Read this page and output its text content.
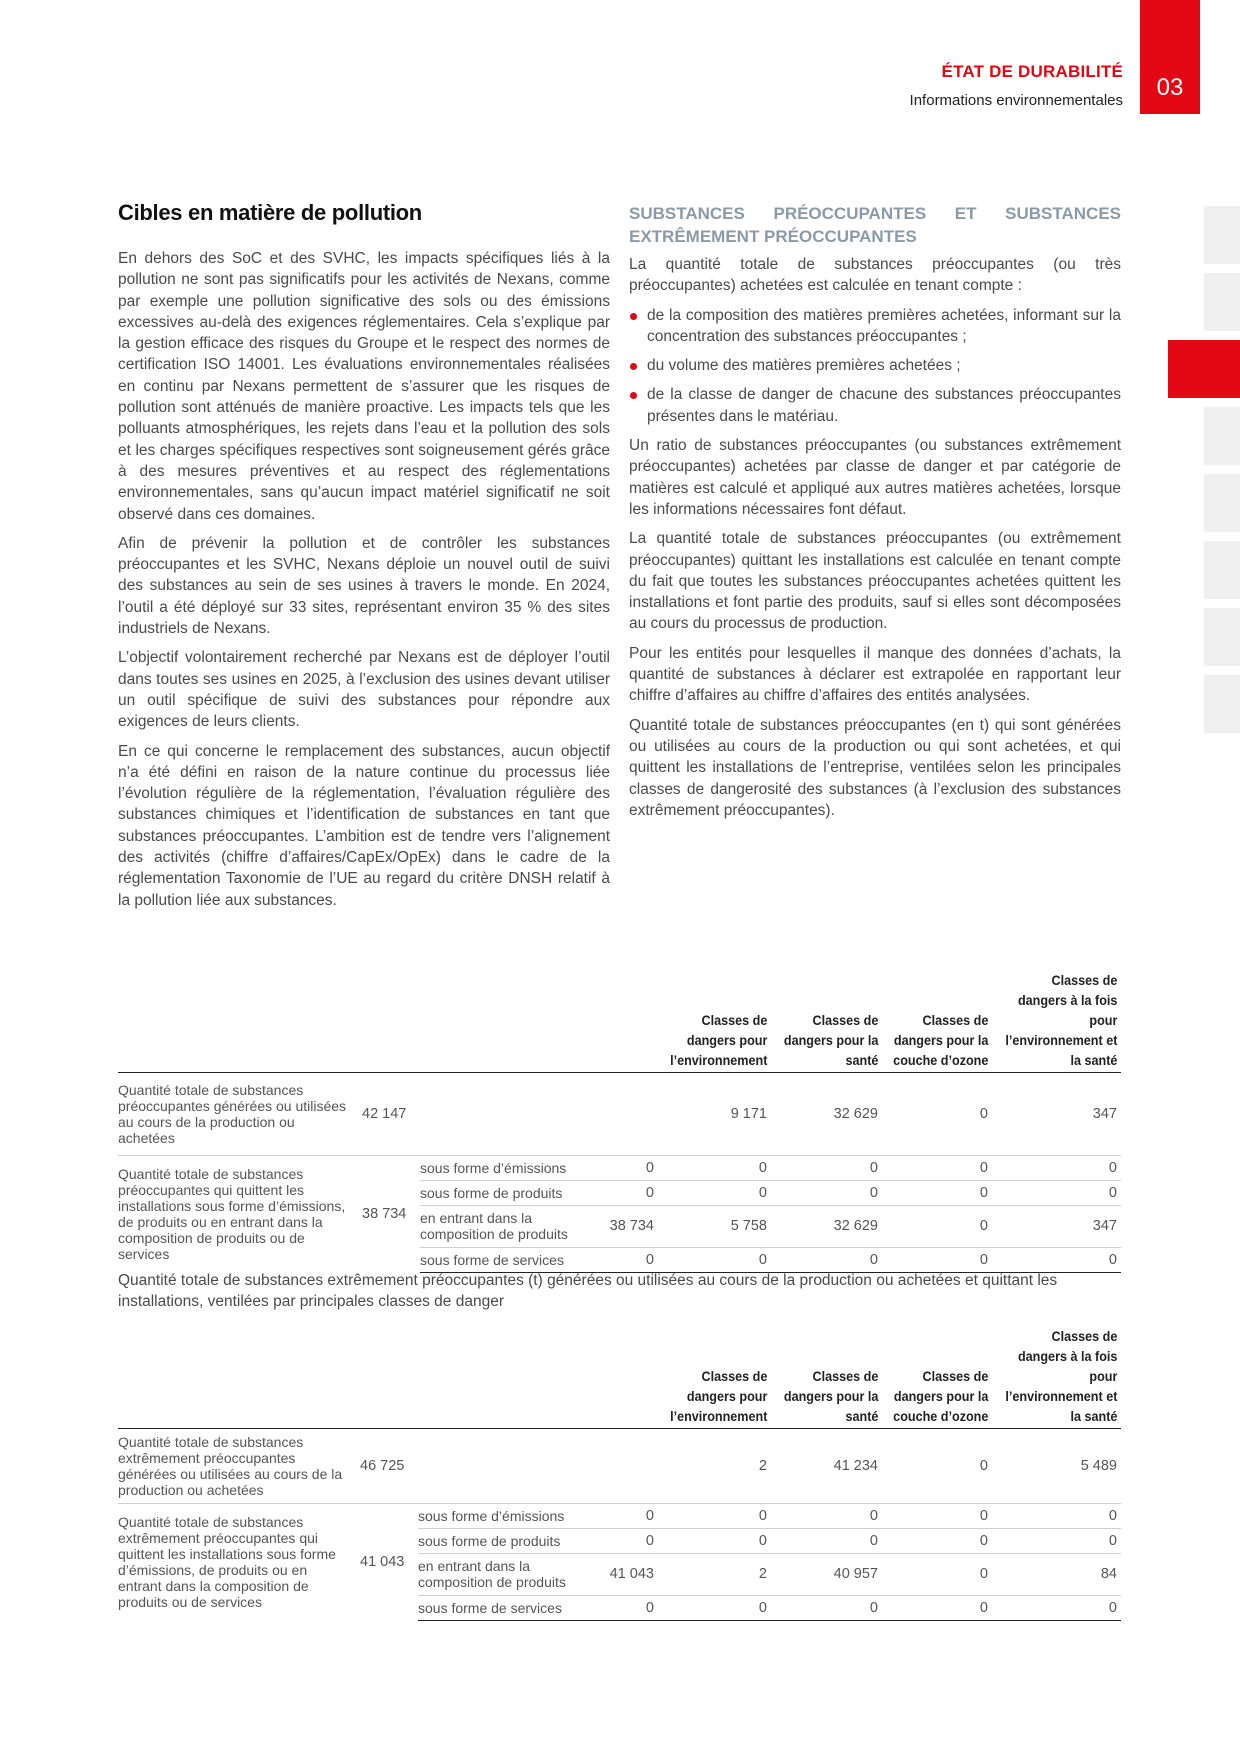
ÉTAT DE DURABILITÉ
Informations environnementales	03
Cibles en matière de pollution

En dehors des SoC et des SVHC, les impacts spécifiques liés à la pollution ne sont pas significatifs pour les activités de Nexans, comme par exemple une pollution significative des sols ou des émissions excessives au-delà des exigences réglementaires. Cela s’explique par la gestion efficace des risques du Groupe et le respect des normes de certification ISO 14001. Les évaluations environnementales réalisées en continu par Nexans permettent de s’assurer que les risques de pollution sont atténués de manière proactive. Les impacts tels que les polluants atmosphériques, les rejets dans l’eau et la pollution des sols et les charges spécifiques respectives sont soigneusement gérés grâce à des mesures préventives et au respect des réglementations environnementales, sans qu’aucun impact matériel significatif ne soit observé dans ces domaines.

Afin de prévenir la pollution et de contrôler les substances préoccupantes et les SVHC, Nexans déploie un nouvel outil de suivi des substances au sein de ses usines à travers le monde. En 2024, l’outil a été déployé sur 33 sites, représentant environ 35 % des sites industriels de Nexans.

L’objectif volontairement recherché par Nexans est de déployer l’outil dans toutes ses usines en 2025, à l’exclusion des usines devant utiliser un outil spécifique de suivi des substances pour répondre aux exigences de leurs clients.

En ce qui concerne le remplacement des substances, aucun objectif n’a été défini en raison de la nature continue du processus liée l’évolution régulière de la réglementation, l’évaluation régulière des substances chimiques et l’identification de substances en tant que substances préoccupantes. L’ambition est de tendre vers l’alignement des activités (chiffre d’affaires/CapEx/OpEx) dans le cadre de la réglementation Taxonomie de l’UE au regard du critère DNSH relatif à la pollution liée aux substances.

SUBSTANCES PRÉOCCUPANTES ET SUBSTANCES EXTRÊMEMENT PRÉOCCUPANTES

La quantité totale de substances préoccupantes (ou très préoccupantes) achetées est calculée en tenant compte :

de la composition des matières premières achetées, informant sur la concentration des substances préoccupantes ;
du volume des matières premières achetées ;
de la classe de danger de chacune des substances préoccupantes présentes dans le matériau.

Un ratio de substances préoccupantes (ou substances extrêmement préoccupantes) achetées par classe de danger et par catégorie de matières est calculé et appliqué aux autres matières achetées, lorsque les informations nécessaires font défaut.

La quantité totale de substances préoccupantes (ou extrêmement préoccupantes) quittant les installations est calculée en tenant compte du fait que toutes les substances préoccupantes achetées quittent les installations et font partie des produits, sauf si elles sont décomposées au cours du processus de production.

Pour les entités pour lesquelles il manque des données d’achats, la quantité de substances à déclarer est extrapolée en rapportant leur chiffre d’affaires au chiffre d’affaires des entités analysées.

Quantité totale de substances préoccupantes (en t) qui sont générées ou utilisées au cours de la production ou qui sont achetées, et qui quittent les installations de l’entreprise, ventilées selon les principales classes de dangerosité des substances (à l’exclusion des substances extrêmement préoccupantes).

				Classes de dangers pour l’environnement	Classes de dangers pour la santé	Classes de dangers pour la couche d’ozone	Classes de dangers à la fois pour l’environnement et la santé

Quantité totale de substances préoccupantes générées ou utilisées au cours de la production ou achetées	42 147			9 171	32 629	0	347
Quantité totale de substances préoccupantes qui quittent les installations sous forme d’émissions, de produits ou en entrant dans la composition de produits ou de services	38 734	sous forme d’émissions	0	0	0	0	0
		sous forme de produits	0	0	0	0	0
		en entrant dans la composition de produits	38 734	5 758	32 629	0	347
		sous forme de services	0	0	0	0	0
Quantité totale de substances extrêmement préoccupantes (t) générées ou utilisées au cours de la production ou achetées et quittant les installations, ventilées par principales classes de danger
				Classes de dangers pour l’environnement	Classes de dangers pour la santé	Classes de dangers pour la couche d’ozone	Classes de dangers à la fois pour l’environnement et la santé

Quantité totale de substances extrêmement préoccupantes générées ou utilisées au cours de la production ou achetées	46 725			2	41 234	0	5 489
Quantité totale de substances extrêmement préoccupantes qui quittent les installations sous forme d’émissions, de produits ou en entrant dans la composition de produits ou de services	41 043	sous forme d’émissions	0	0	0	0	0
		sous forme de produits	0	0	0	0	0
		en entrant dans la composition de produits	41 043	2	40 957	0	84
		sous forme de services	0	0	0	0	0
